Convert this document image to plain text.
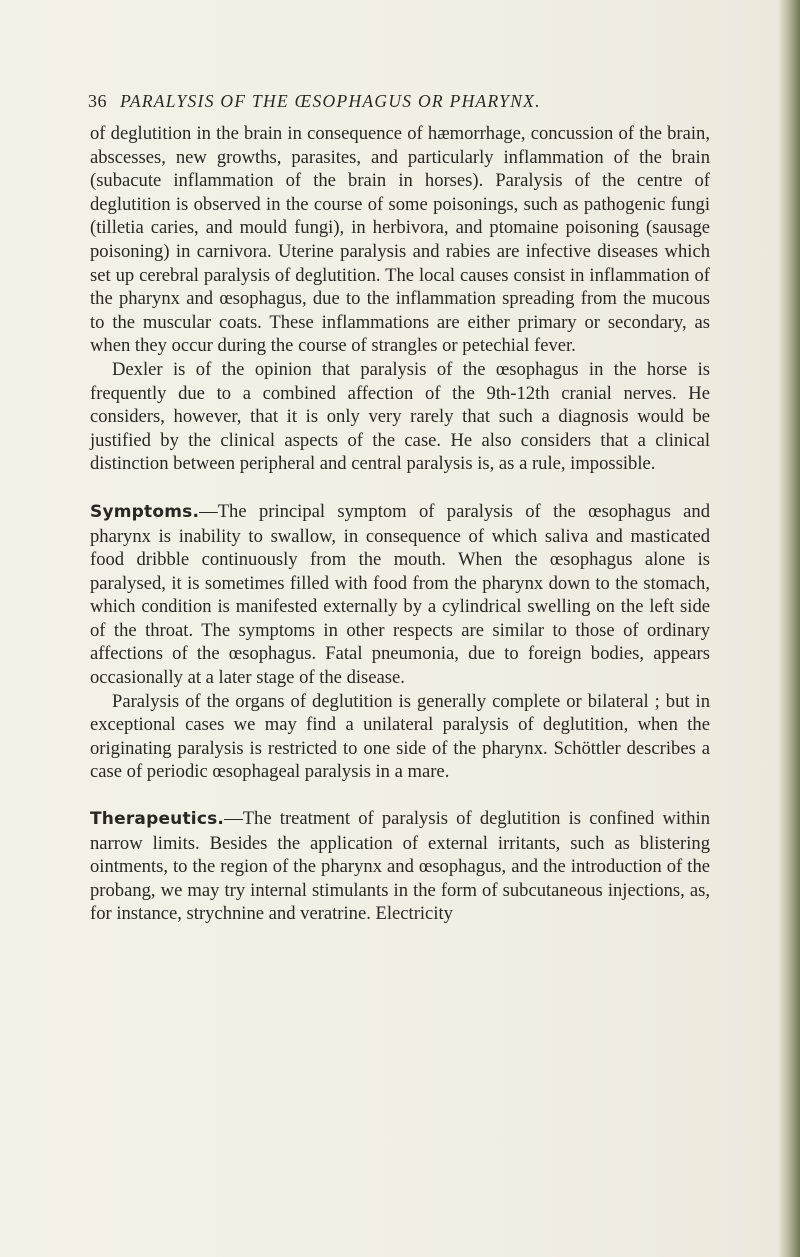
36 PARALYSIS OF THE ŒSOPHAGUS OR PHARYNX.

of deglutition in the brain in consequence of hæmorrhage, concussion of the brain, abscesses, new growths, parasites, and particularly inflammation of the brain (subacute inflammation of the brain in horses). Paralysis of the centre of deglutition is observed in the course of some poisonings, such as pathogenic fungi (tilletia caries, and mould fungi), in herbivora, and ptomaine poisoning (sausage poisoning) in carnivora. Uterine paralysis and rabies are infective diseases which set up cerebral paralysis of deglutition. The local causes consist in inflammation of the pharynx and œsophagus, due to the inflammation spreading from the mucous to the muscular coats. These inflammations are either primary or secondary, as when they occur during the course of strangles or petechial fever.

Dexler is of the opinion that paralysis of the œsophagus in the horse is frequently due to a combined affection of the 9th-12th cranial nerves. He considers, however, that it is only very rarely that such a diagnosis would be justified by the clinical aspects of the case. He also considers that a clinical distinction between peripheral and central paralysis is, as a rule, impossible.

Symptoms.—The principal symptom of paralysis of the œsophagus and pharynx is inability to swallow, in consequence of which saliva and masticated food dribble continuously from the mouth. When the œsophagus alone is paralysed, it is sometimes filled with food from the pharynx down to the stomach, which condition is manifested externally by a cylindrical swelling on the left side of the throat. The symptoms in other respects are similar to those of ordinary affections of the œsophagus. Fatal pneumonia, due to foreign bodies, appears occasionally at a later stage of the disease.

Paralysis of the organs of deglutition is generally complete or bilateral ; but in exceptional cases we may find a unilateral paralysis of deglutition, when the originating paralysis is restricted to one side of the pharynx. Schöttler describes a case of periodic œsophageal paralysis in a mare.

Therapeutics.—The treatment of paralysis of deglutition is confined within narrow limits. Besides the application of external irritants, such as blistering ointments, to the region of the pharynx and œsophagus, and the introduction of the probang, we may try internal stimulants in the form of subcutaneous injections, as, for instance, strychnine and veratrine. Electricity
